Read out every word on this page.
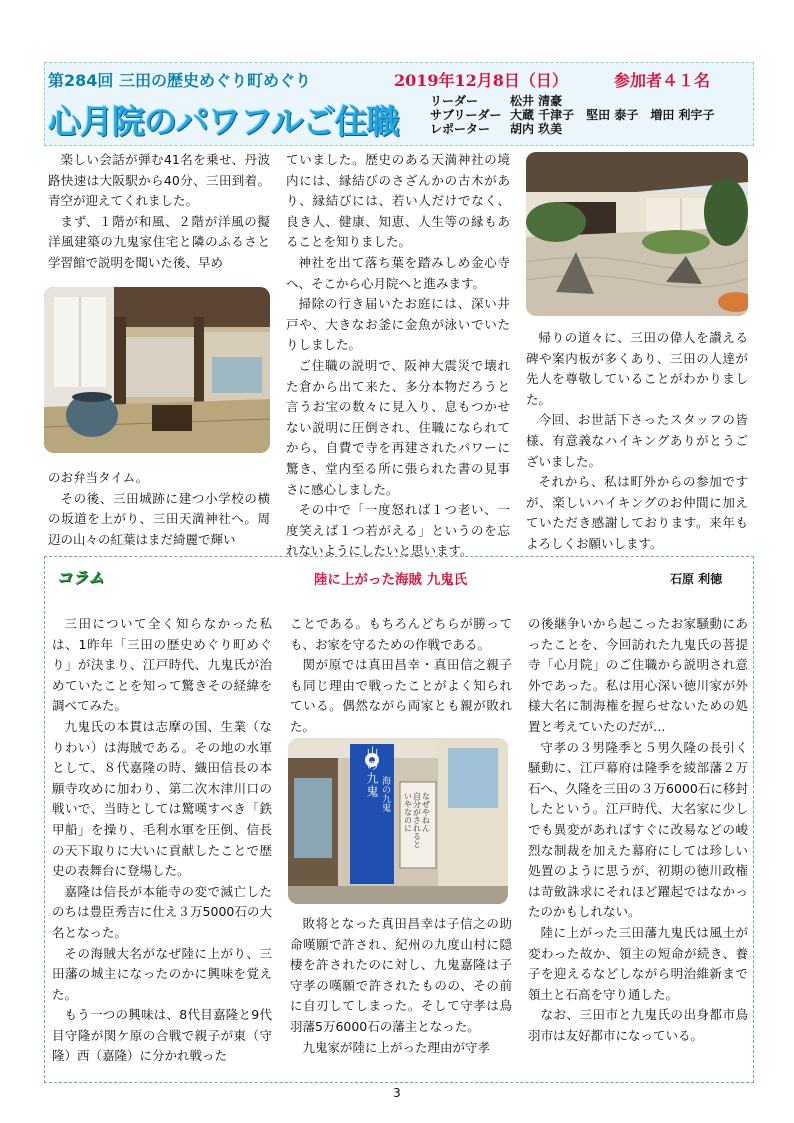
第284回 三田の歴史めぐり町めぐり	2019年12月8日（日）	参加者４１名
心月院のパワフルご住職
リーダー	松井 清豪
サブリーダー 大蔵 千津子　堅田 泰子　増田 利宇子
レポーター 胡内 玖美

楽しい会話が弾む41名を乗せ、丹波路快速は大阪駅から40分、三田到着。青空が迎えてくれました。

まず、１階が和風、２階が洋風の擬洋風建築の九鬼家住宅と隣のふるさと学習館で説明を聞いた後、早め

のお弁当タイム。

その後、三田城跡に建つ小学校の横の坂道を上がり、三田天満神社へ。周辺の山々の紅葉はまだ綺麗で輝い

ていました。歴史のある天満神社の境内には、縁結びのさざんかの古木があり、縁結びには、若い人だけでなく、良き人、健康、知恵、人生等の縁もあることを知りました。

神社を出て落ち葉を踏みしめ金心寺へ、そこから心月院へと進みます。

掃除の行き届いたお庭には、深い井戸や、大きなお釜に金魚が泳いでいたりしました。

ご住職の説明で、阪神大震災で壊れた倉から出て来た、多分本物だろうと言うお宝の数々に見入り、息もつかせない説明に圧倒され、住職になられてから、自費で寺を再建されたパワーに驚き、堂内至る所に張られた書の見事さに感心しました。

その中で「一度怒れば１つ老い、一度笑えば１つ若がえる」というのを忘れないようにしたいと思います。

帰りの道々に、三田の偉人を讃える碑や案内板が多くあり、三田の人達が先人を尊敬していることがわかりました。

今回、お世話下さったスタッフの皆様、有意義なハイキングありがとうございました。

それから、私は町外からの参加ですが、楽しいハイキングのお仲間に加えていただき感謝しております。来年もよろしくお願いします。

コラム	陸に上がった海賊 九鬼氏	石原 利徳

三田について全く知らなかった私は、1昨年「三田の歴史めぐり町めぐり」が決まり、江戸時代、九鬼氏が治めていたことを知って驚きその経緯を調べてみた。

九鬼氏の本貫は志摩の国、生業（なりわい）は海賊である。その地の水軍として、８代嘉隆の時、織田信長の本願寺攻めに加わり、第二次木津川口の戦いで、当時としては驚嘆すべき「鉄甲船」を操り、毛利水軍を圧倒、信長の天下取りに大いに貢献したことで歴史の表舞台に登場した。

嘉隆は信長が本能寺の変で滅亡したのちは豊臣秀吉に仕え３万5000石の大名となった。

その海賊大名がなぜ陸に上がり、三田藩の城主になったのかに興味を覚えた。

もう一つの興味は、8代目嘉隆と9代目守隆が関ケ原の合戦で親子が東（守隆）西（嘉隆）に分かれ戦った

ことである。もちろんどちらが勝っても、お家を守るための作戦である。

関が原では真田昌幸・真田信之親子も同じ理由で戦ったことがよく知られている。偶然ながら両家とも親が敗れた。

山の九鬼 海の九鬼	なぜやねん
自分がされると
いやなのに

敗将となった真田昌幸は子信之の助命嘆願で許され、紀州の九度山村に隠棲を許されたのに対し、九鬼嘉隆は子守孝の嘆願で許されたものの、その前に自刃してしまった。そして守孝は鳥羽藩5万6000石の藩主となった。

九鬼家が陸に上がった理由が守孝

の後継争いから起こったお家騒動にあったことを、今回訪れた九鬼氏の菩提寺「心月院」のご住職から説明され意外であった。私は用心深い徳川家が外様大名に制海権を握らせないための処置と考えていたのだが…

守孝の３男隆季と５男久隆の長引く騒動に、江戸幕府は隆季を綾部藩２万石へ、久隆を三田の３万6000石に移封したという。江戸時代、大名家に少しでも異変があればすぐに改易などの峻烈な制裁を加えた幕府にしては珍しい処置のように思うが、初期の徳川政権は苛斂誅求にそれほど躍起ではなかったのかもしれない。

陸に上がった三田藩九鬼氏は風土が変わった故か、領主の短命が続き、養子を迎えるなどしながら明治維新まで領土と石高を守り通した。

なお、三田市と九鬼氏の出身都市鳥羽市は友好都市になっている。

3
